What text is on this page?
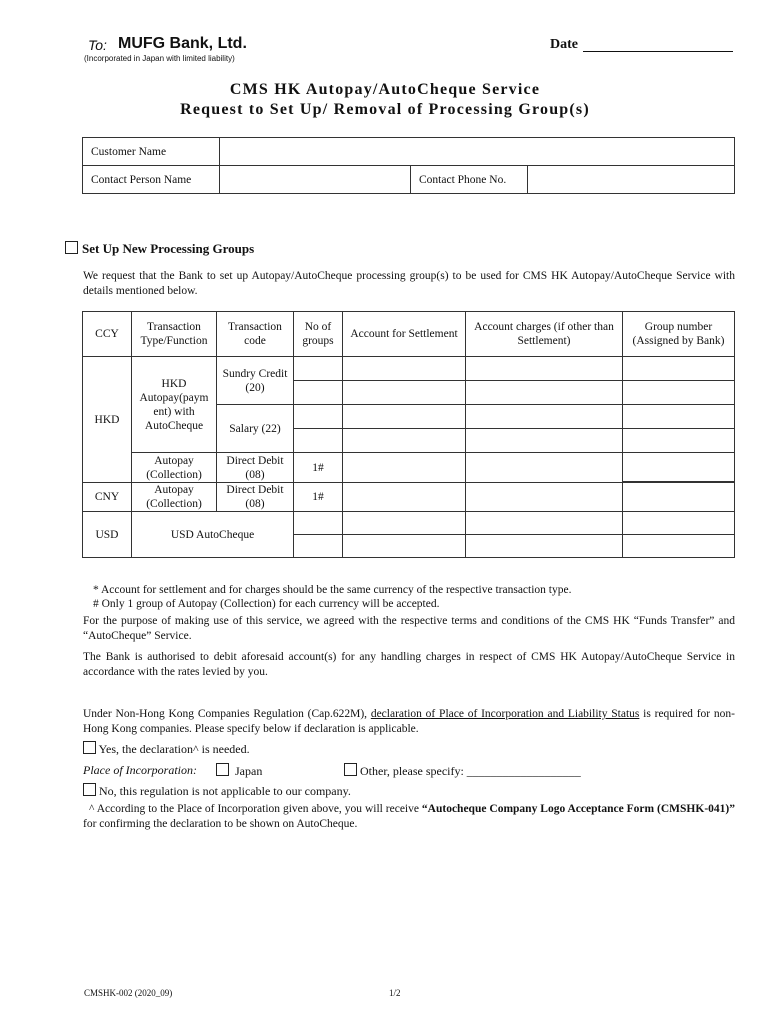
To: MUFG Bank, Ltd.
(Incorporated in Japan with limited liability)
Date
CMS HK Autopay/AutoCheque Service
Request to Set Up/ Removal of Processing Group(s)
Customer Name			
Contact Person Name		Contact Phone No.	
Set Up New Processing Groups
We request that the Bank to set up Autopay/AutoCheque processing group(s) to be used for CMS HK Autopay/AutoCheque Service with details mentioned below.
CCY	Transaction Type/Function	Transaction code	No of groups	Account for Settlement	Account charges (if other than Settlement)	Group number (Assigned by Bank)
HKD	HKD Autopay(paym ent) with AutoCheque	Sundry Credit (20)				

		Salary (22)				

	Autopay (Collection)	Direct Debit (08)	1#			

CNY	Autopay (Collection)	Direct Debit (08)	1#			
USD	USD AutoCheque					

* Account for settlement and for charges should be the same currency of the respective transaction type.
# Only 1 group of Autopay (Collection) for each currency will be accepted.
For the purpose of making use of this service, we agreed with the respective terms and conditions of the CMS HK “Funds Transfer” and “AutoCheque” Service.
The Bank is authorised to debit aforesaid account(s) for any handling charges in respect of CMS HK Autopay/AutoCheque Service in accordance with the rates levied by you.
Under Non-Hong Kong Companies Regulation (Cap.622M), declaration of Place of Incorporation and Liability Status is required for non-Hong Kong companies. Please specify below if declaration is applicable.
Yes, the declaration^ is needed.
Place of Incorporation:	Japan	Other, please specify: ___________________
No, this regulation is not applicable to our company.
^ According to the Place of Incorporation given above, you will receive “Autocheque Company Logo Acceptance Form (CMSHK-041)” for confirming the declaration to be shown on AutoCheque.
CMSHK-002 (2020_09)	1/2
